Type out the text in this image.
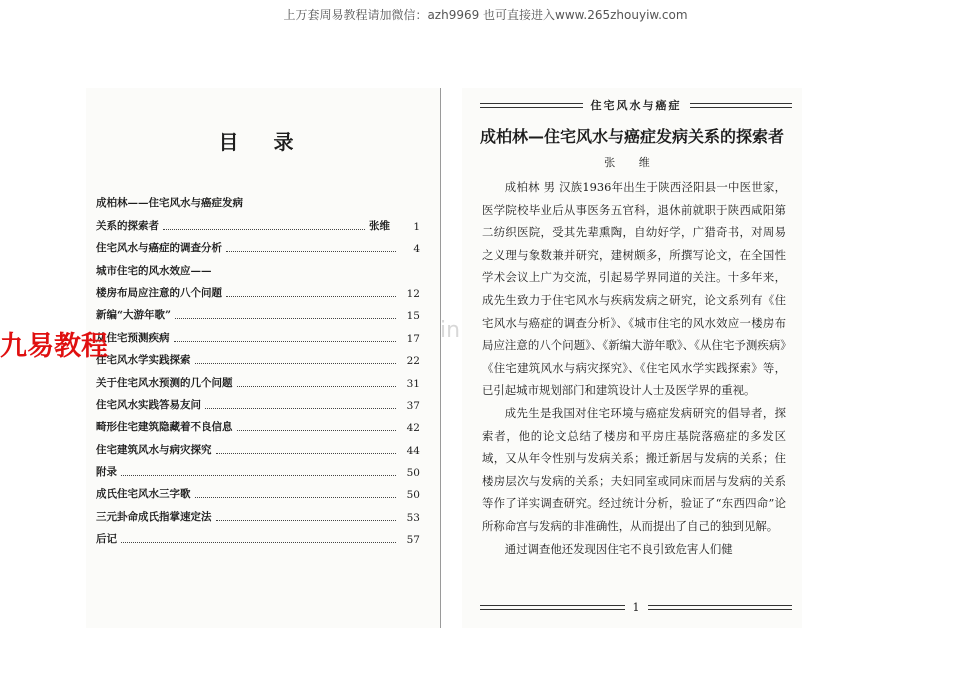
上万套周易教程请加微信：azh9969 也可直接进入www.265zhouyiw.com
目 录
成柏林——住宅风水与癌症发病
关系的探索者	张维	1
住宅风水与癌症的调查分析	4
城市住宅的风水效应——
楼房布局应注意的八个问题	12
新编“大游年歌”	15
从住宅预测疾病	17
住宅风水学实践探索	22
关于住宅风水预测的几个问题	31
住宅风水实践答易友问	37
畸形住宅建筑隐藏着不良信息	42
住宅建筑风水与病灾探究	44
附录	50
成氏住宅风水三字歌	50
三元卦命成氏指掌速定法	53
后记	57
住宅风水与癌症
成柏林—住宅风水与癌症发病关系的探索者
张 维

成柏林 男 汉族1936年出生于陕西泾阳县一中医世家，医学院校毕业后从事医务五官科，退休前就职于陕西咸阳第二纺织医院，受其先辈熏陶，自幼好学，广猎奇书，对周易之义理与象数兼并研究，建树颇多，所撰写论文，在全国性学术会议上广为交流，引起易学界同道的关注。十多年来，成先生致力于住宅风水与疾病发病之研究，论文系列有《住宅风水与癌症的调查分析》、《城市住宅的风水效应一楼房布局应注意的八个问题》、《新编大游年歌》、《从住宅予测疾病》《住宅建筑风水与病灾探究》、《住宅风水学实践探索》等，已引起城市规划部门和建筑设计人士及医学界的重视。

成先生是我国对住宅环境与癌症发病研究的倡导者，探索者，他的论文总结了楼房和平房庄基院落癌症的多发区域，又从年令性别与发病关系；搬迁新居与发病的关系；住楼房层次与发病的关系；夫妇同室或同床而居与发病的关系等作了详实调查研究。经过统计分析，验证了“东西四命”论所称命宫与发病的非准确性，从而提出了自己的独到见解。

通过调查他还发现因住宅不良引致危害人们健

1
in
九易教程
